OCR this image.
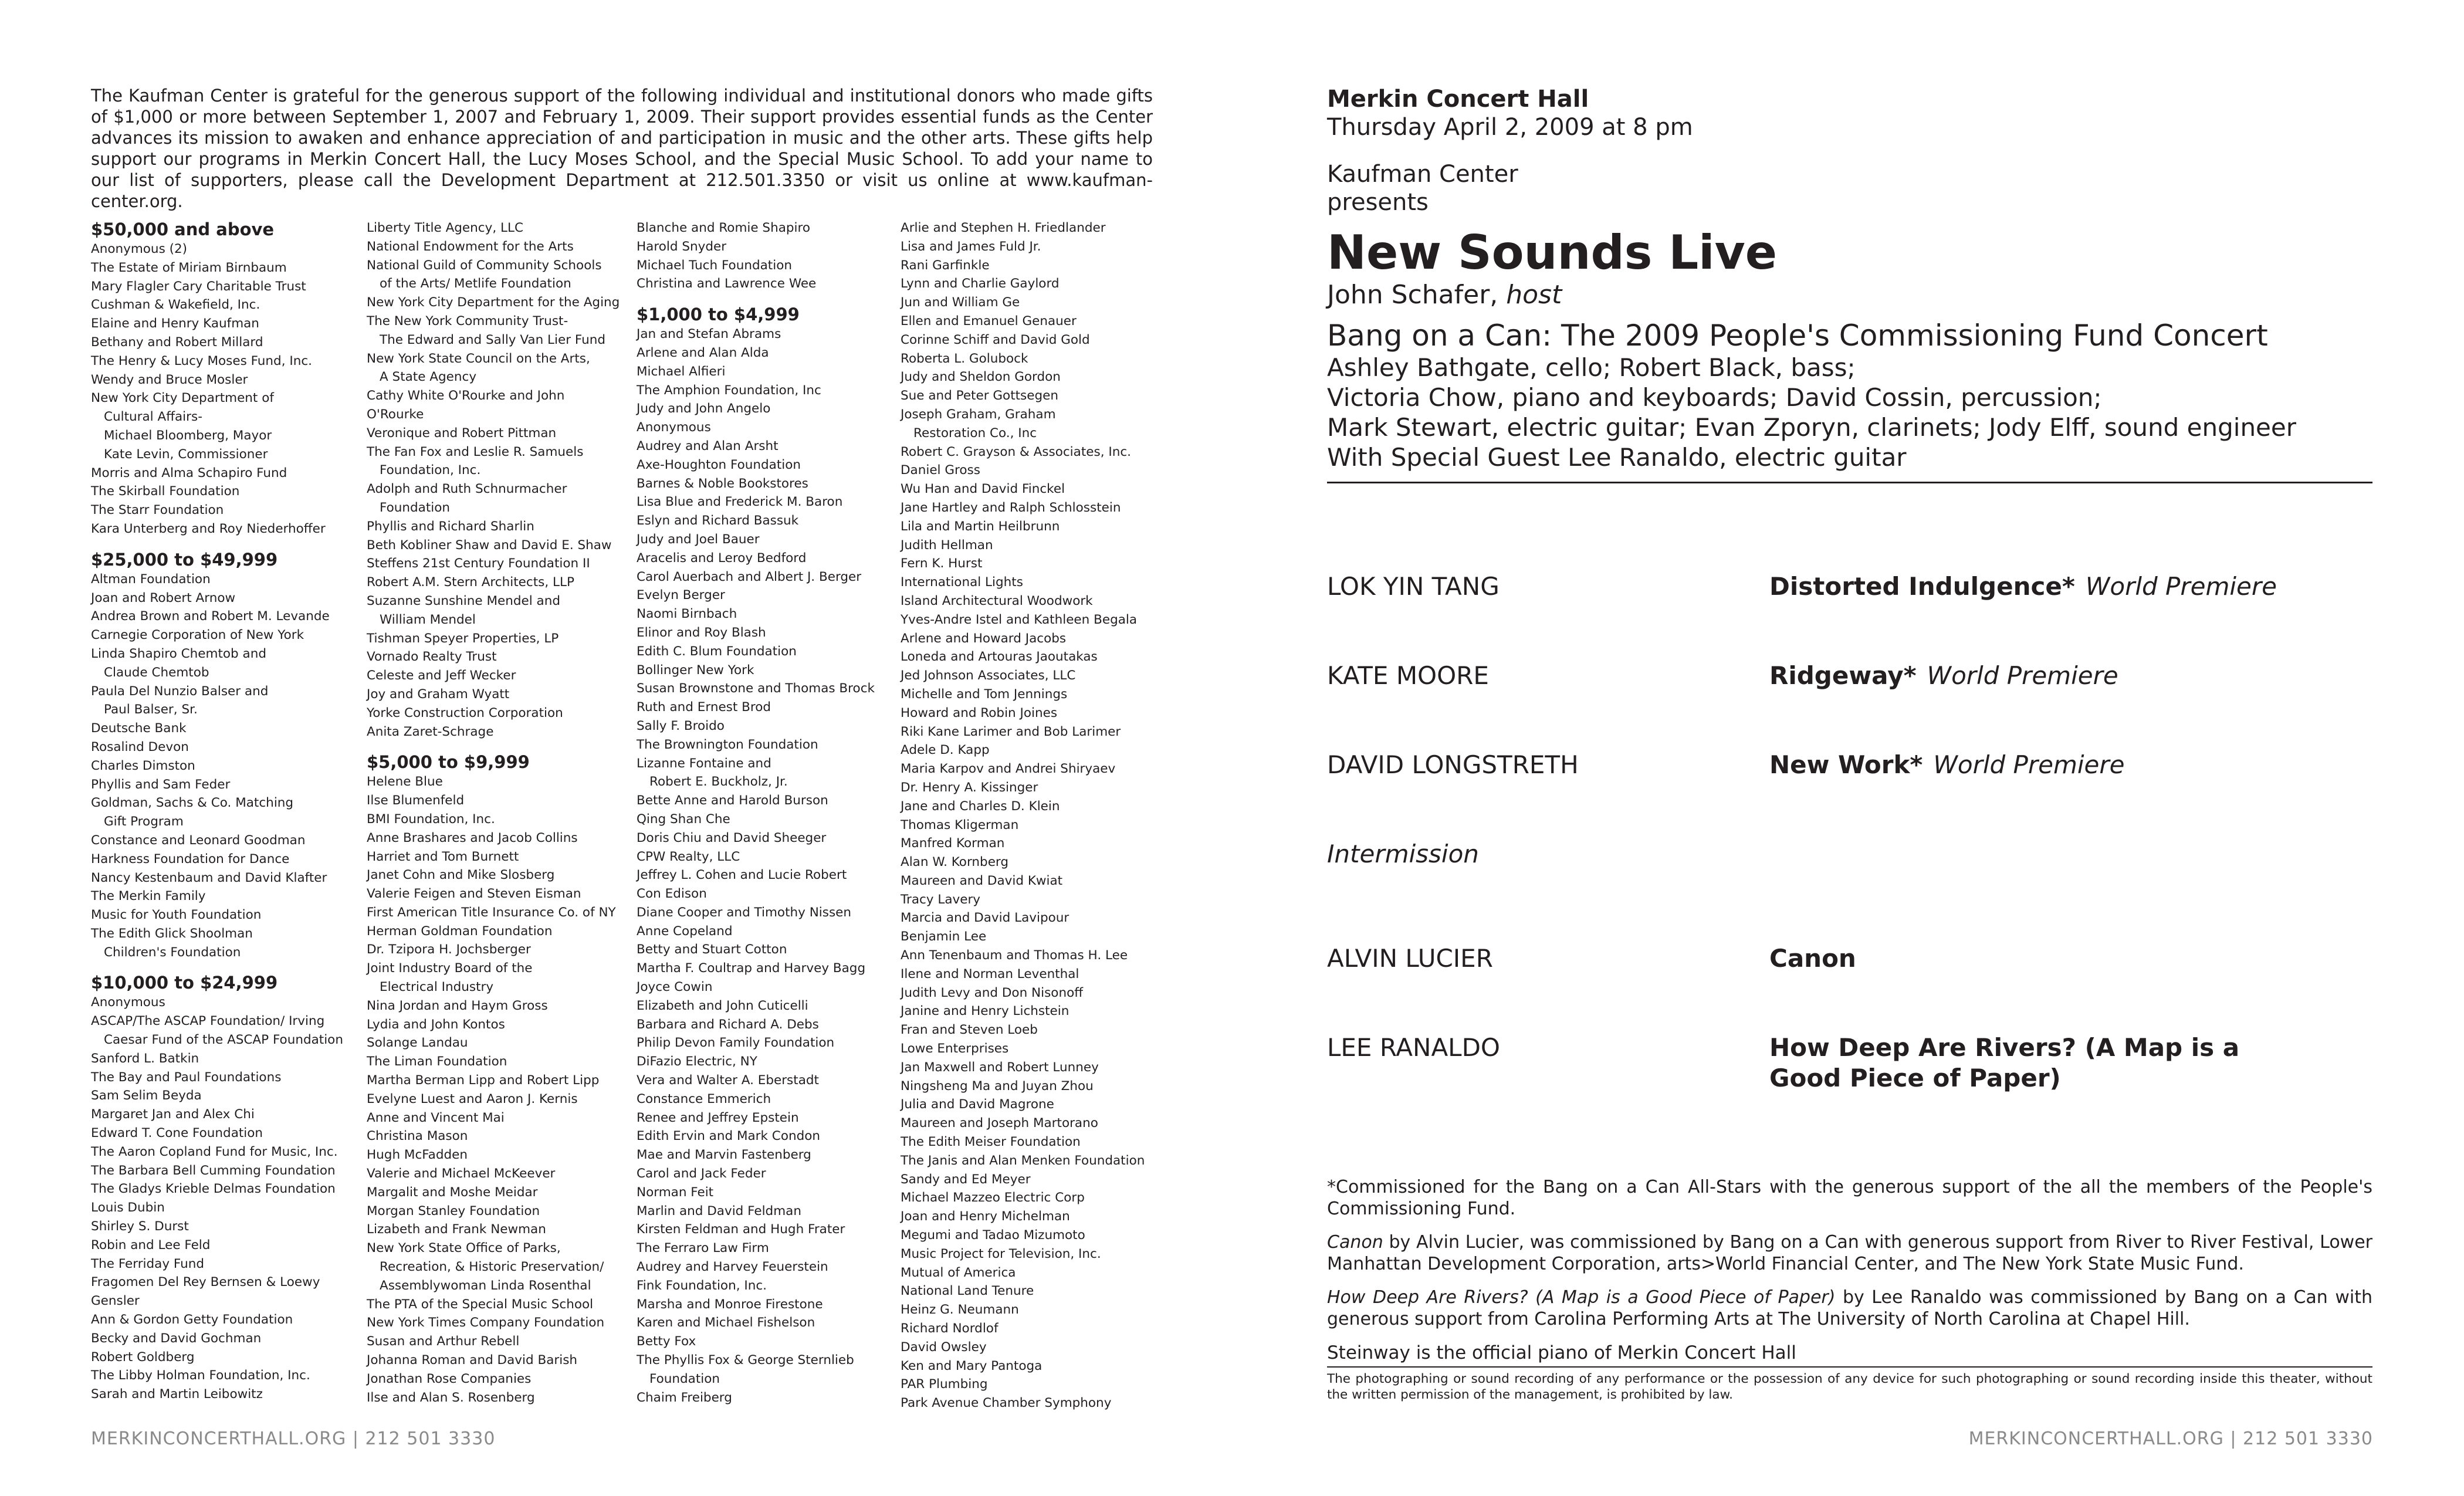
The Kaufman Center is grateful for the generous support of the following individual and institutional donors who made gifts of $1,000 or more between September 1, 2007 and February 1, 2009. Their support provides essential funds as the Center advances its mission to awaken and enhance appreciation of and participation in music and the other arts. These gifts help support our programs in Merkin Concert Hall, the Lucy Moses School, and the Special Music School. To add your name to our list of supporters, please call the Development Department at 212.501.3350 or visit us online at www.kaufman-center.org.

$50,000 and above
Anonymous (2)
The Estate of Miriam Birnbaum
Mary Flagler Cary Charitable Trust
Cushman & Wakefield, Inc.
Elaine and Henry Kaufman
Bethany and Robert Millard
The Henry & Lucy Moses Fund, Inc.
Wendy and Bruce Mosler
New York City Department of
Cultural Affairs-
Michael Bloomberg, Mayor
Kate Levin, Commissioner
Morris and Alma Schapiro Fund
The Skirball Foundation
The Starr Foundation
Kara Unterberg and Roy Niederhoffer
$25,000 to $49,999
Altman Foundation
Joan and Robert Arnow
Andrea Brown and Robert M. Levande
Carnegie Corporation of New York
Linda Shapiro Chemtob and
Claude Chemtob
Paula Del Nunzio Balser and
Paul Balser, Sr.
Deutsche Bank
Rosalind Devon
Charles Dimston
Phyllis and Sam Feder
Goldman, Sachs & Co. Matching
Gift Program
Constance and Leonard Goodman
Harkness Foundation for Dance
Nancy Kestenbaum and David Klafter
The Merkin Family
Music for Youth Foundation
The Edith Glick Shoolman
Children's Foundation
$10,000 to $24,999
Anonymous
ASCAP/The ASCAP Foundation/ Irving
Caesar Fund of the ASCAP Foundation
Sanford L. Batkin
The Bay and Paul Foundations
Sam Selim Beyda
Margaret Jan and Alex Chi
Edward T. Cone Foundation
The Aaron Copland Fund for Music, Inc.
The Barbara Bell Cumming Foundation
The Gladys Krieble Delmas Foundation
Louis Dubin
Shirley S. Durst
Robin and Lee Feld
The Ferriday Fund
Fragomen Del Rey Bernsen & Loewy
Gensler
Ann & Gordon Getty Foundation
Becky and David Gochman
Robert Goldberg
The Libby Holman Foundation, Inc.
Sarah and Martin Leibowitz
Liberty Title Agency, LLC
National Endowment for the Arts
National Guild of Community Schools
of the Arts/ Metlife Foundation
New York City Department for the Aging
The New York Community Trust-
The Edward and Sally Van Lier Fund
New York State Council on the Arts,
A State Agency
Cathy White O'Rourke and John
O'Rourke
Veronique and Robert Pittman
The Fan Fox and Leslie R. Samuels
Foundation, Inc.
Adolph and Ruth Schnurmacher
Foundation
Phyllis and Richard Sharlin
Beth Kobliner Shaw and David E. Shaw
Steffens 21st Century Foundation II
Robert A.M. Stern Architects, LLP
Suzanne Sunshine Mendel and
William Mendel
Tishman Speyer Properties, LP
Vornado Realty Trust
Celeste and Jeff Wecker
Joy and Graham Wyatt
Yorke Construction Corporation
Anita Zaret-Schrage
$5,000 to $9,999
Helene Blue
Ilse Blumenfeld
BMI Foundation, Inc.
Anne Brashares and Jacob Collins
Harriet and Tom Burnett
Janet Cohn and Mike Slosberg
Valerie Feigen and Steven Eisman
First American Title Insurance Co. of NY
Herman Goldman Foundation
Dr. Tzipora H. Jochsberger
Joint Industry Board of the
Electrical Industry
Nina Jordan and Haym Gross
Lydia and John Kontos
Solange Landau
The Liman Foundation
Martha Berman Lipp and Robert Lipp
Evelyne Luest and Aaron J. Kernis
Anne and Vincent Mai
Christina Mason
Hugh McFadden
Valerie and Michael McKeever
Margalit and Moshe Meidar
Morgan Stanley Foundation
Lizabeth and Frank Newman
New York State Office of Parks,
Recreation, & Historic Preservation/
Assemblywoman Linda Rosenthal
The PTA of the Special Music School
New York Times Company Foundation
Susan and Arthur Rebell
Johanna Roman and David Barish
Jonathan Rose Companies
Ilse and Alan S. Rosenberg
Blanche and Romie Shapiro
Harold Snyder
Michael Tuch Foundation
Christina and Lawrence Wee
$1,000 to $4,999
Jan and Stefan Abrams
Arlene and Alan Alda
Michael Alfieri
The Amphion Foundation, Inc
Judy and John Angelo
Anonymous
Audrey and Alan Arsht
Axe-Houghton Foundation
Barnes & Noble Bookstores
Lisa Blue and Frederick M. Baron
Eslyn and Richard Bassuk
Judy and Joel Bauer
Aracelis and Leroy Bedford
Carol Auerbach and Albert J. Berger
Evelyn Berger
Naomi Birnbach
Elinor and Roy Blash
Edith C. Blum Foundation
Bollinger New York
Susan Brownstone and Thomas Brock
Ruth and Ernest Brod
Sally F. Broido
The Brownington Foundation
Lizanne Fontaine and
Robert E. Buckholz, Jr.
Bette Anne and Harold Burson
Qing Shan Che
Doris Chiu and David Sheeger
CPW Realty, LLC
Jeffrey L. Cohen and Lucie Robert
Con Edison
Diane Cooper and Timothy Nissen
Anne Copeland
Betty and Stuart Cotton
Martha F. Coultrap and Harvey Bagg
Joyce Cowin
Elizabeth and John Cuticelli
Barbara and Richard A. Debs
Philip Devon Family Foundation
DiFazio Electric, NY
Vera and Walter A. Eberstadt
Constance Emmerich
Renee and Jeffrey Epstein
Edith Ervin and Mark Condon
Mae and Marvin Fastenberg
Carol and Jack Feder
Norman Feit
Marlin and David Feldman
Kirsten Feldman and Hugh Frater
The Ferraro Law Firm
Audrey and Harvey Feuerstein
Fink Foundation, Inc.
Marsha and Monroe Firestone
Karen and Michael Fishelson
Betty Fox
The Phyllis Fox & George Sternlieb
Foundation
Chaim Freiberg
Arlie and Stephen H. Friedlander
Lisa and James Fuld Jr.
Rani Garfinkle
Lynn and Charlie Gaylord
Jun and William Ge
Ellen and Emanuel Genauer
Corinne Schiff and David Gold
Roberta L. Golubock
Judy and Sheldon Gordon
Sue and Peter Gottsegen
Joseph Graham, Graham
Restoration Co., Inc
Robert C. Grayson & Associates, Inc.
Daniel Gross
Wu Han and David Finckel
Jane Hartley and Ralph Schlosstein
Lila and Martin Heilbrunn
Judith Hellman
Fern K. Hurst
International Lights
Island Architectural Woodwork
Yves-Andre Istel and Kathleen Begala
Arlene and Howard Jacobs
Loneda and Artouras Jaoutakas
Jed Johnson Associates, LLC
Michelle and Tom Jennings
Howard and Robin Joines
Riki Kane Larimer and Bob Larimer
Adele D. Kapp
Maria Karpov and Andrei Shiryaev
Dr. Henry A. Kissinger
Jane and Charles D. Klein
Thomas Kligerman
Manfred Korman
Alan W. Kornberg
Maureen and David Kwiat
Tracy Lavery
Marcia and David Lavipour
Benjamin Lee
Ann Tenenbaum and Thomas H. Lee
Ilene and Norman Leventhal
Judith Levy and Don Nisonoff
Janine and Henry Lichstein
Fran and Steven Loeb
Lowe Enterprises
Jan Maxwell and Robert Lunney
Ningsheng Ma and Juyan Zhou
Julia and David Magrone
Maureen and Joseph Martorano
The Edith Meiser Foundation
The Janis and Alan Menken Foundation
Sandy and Ed Meyer
Michael Mazzeo Electric Corp
Joan and Henry Michelman
Megumi and Tadao Mizumoto
Music Project for Television, Inc.
Mutual of America
National Land Tenure
Heinz G. Neumann
Richard Nordlof
David Owsley
Ken and Mary Pantoga
PAR Plumbing
Park Avenue Chamber Symphony
MERKINCONCERTHALL.ORG | 212 501 3330
Merkin Concert Hall
Thursday April 2, 2009 at 8 pm
Kaufman Center
presents
New Sounds Live
John Schafer, host
Bang on a Can: The 2009 People's Commissioning Fund Concert
Ashley Bathgate, cello; Robert Black, bass;
Victoria Chow, piano and keyboards; David Cossin, percussion;
Mark Stewart, electric guitar; Evan Zporyn, clarinets; Jody Elff, sound engineer
With Special Guest Lee Ranaldo, electric guitar
LOK YIN TANG	Distorted Indulgence* World Premiere
KATE MOORE	Ridgeway* World Premiere
DAVID LONGSTRETH	New Work* World Premiere
Intermission
ALVIN LUCIER	Canon
LEE RANALDO	How Deep Are Rivers? (A Map is a Good Piece of Paper)

*Commissioned for the Bang on a Can All-Stars with the generous support of the all the members of the People's Commissioning Fund.

Canon by Alvin Lucier, was commissioned by Bang on a Can with generous support from River to River Festival, Lower Manhattan Development Corporation, arts>World Financial Center, and The New York State Music Fund.

How Deep Are Rivers? (A Map is a Good Piece of Paper) by Lee Ranaldo was commissioned by Bang on a Can with generous support from Carolina Performing Arts at The University of North Carolina at Chapel Hill.

Steinway is the official piano of Merkin Concert Hall
The photographing or sound recording of any performance or the possession of any device for such photographing or sound recording inside this theater, without the written permission of the management, is prohibited by law.
MERKINCONCERTHALL.ORG | 212 501 3330
